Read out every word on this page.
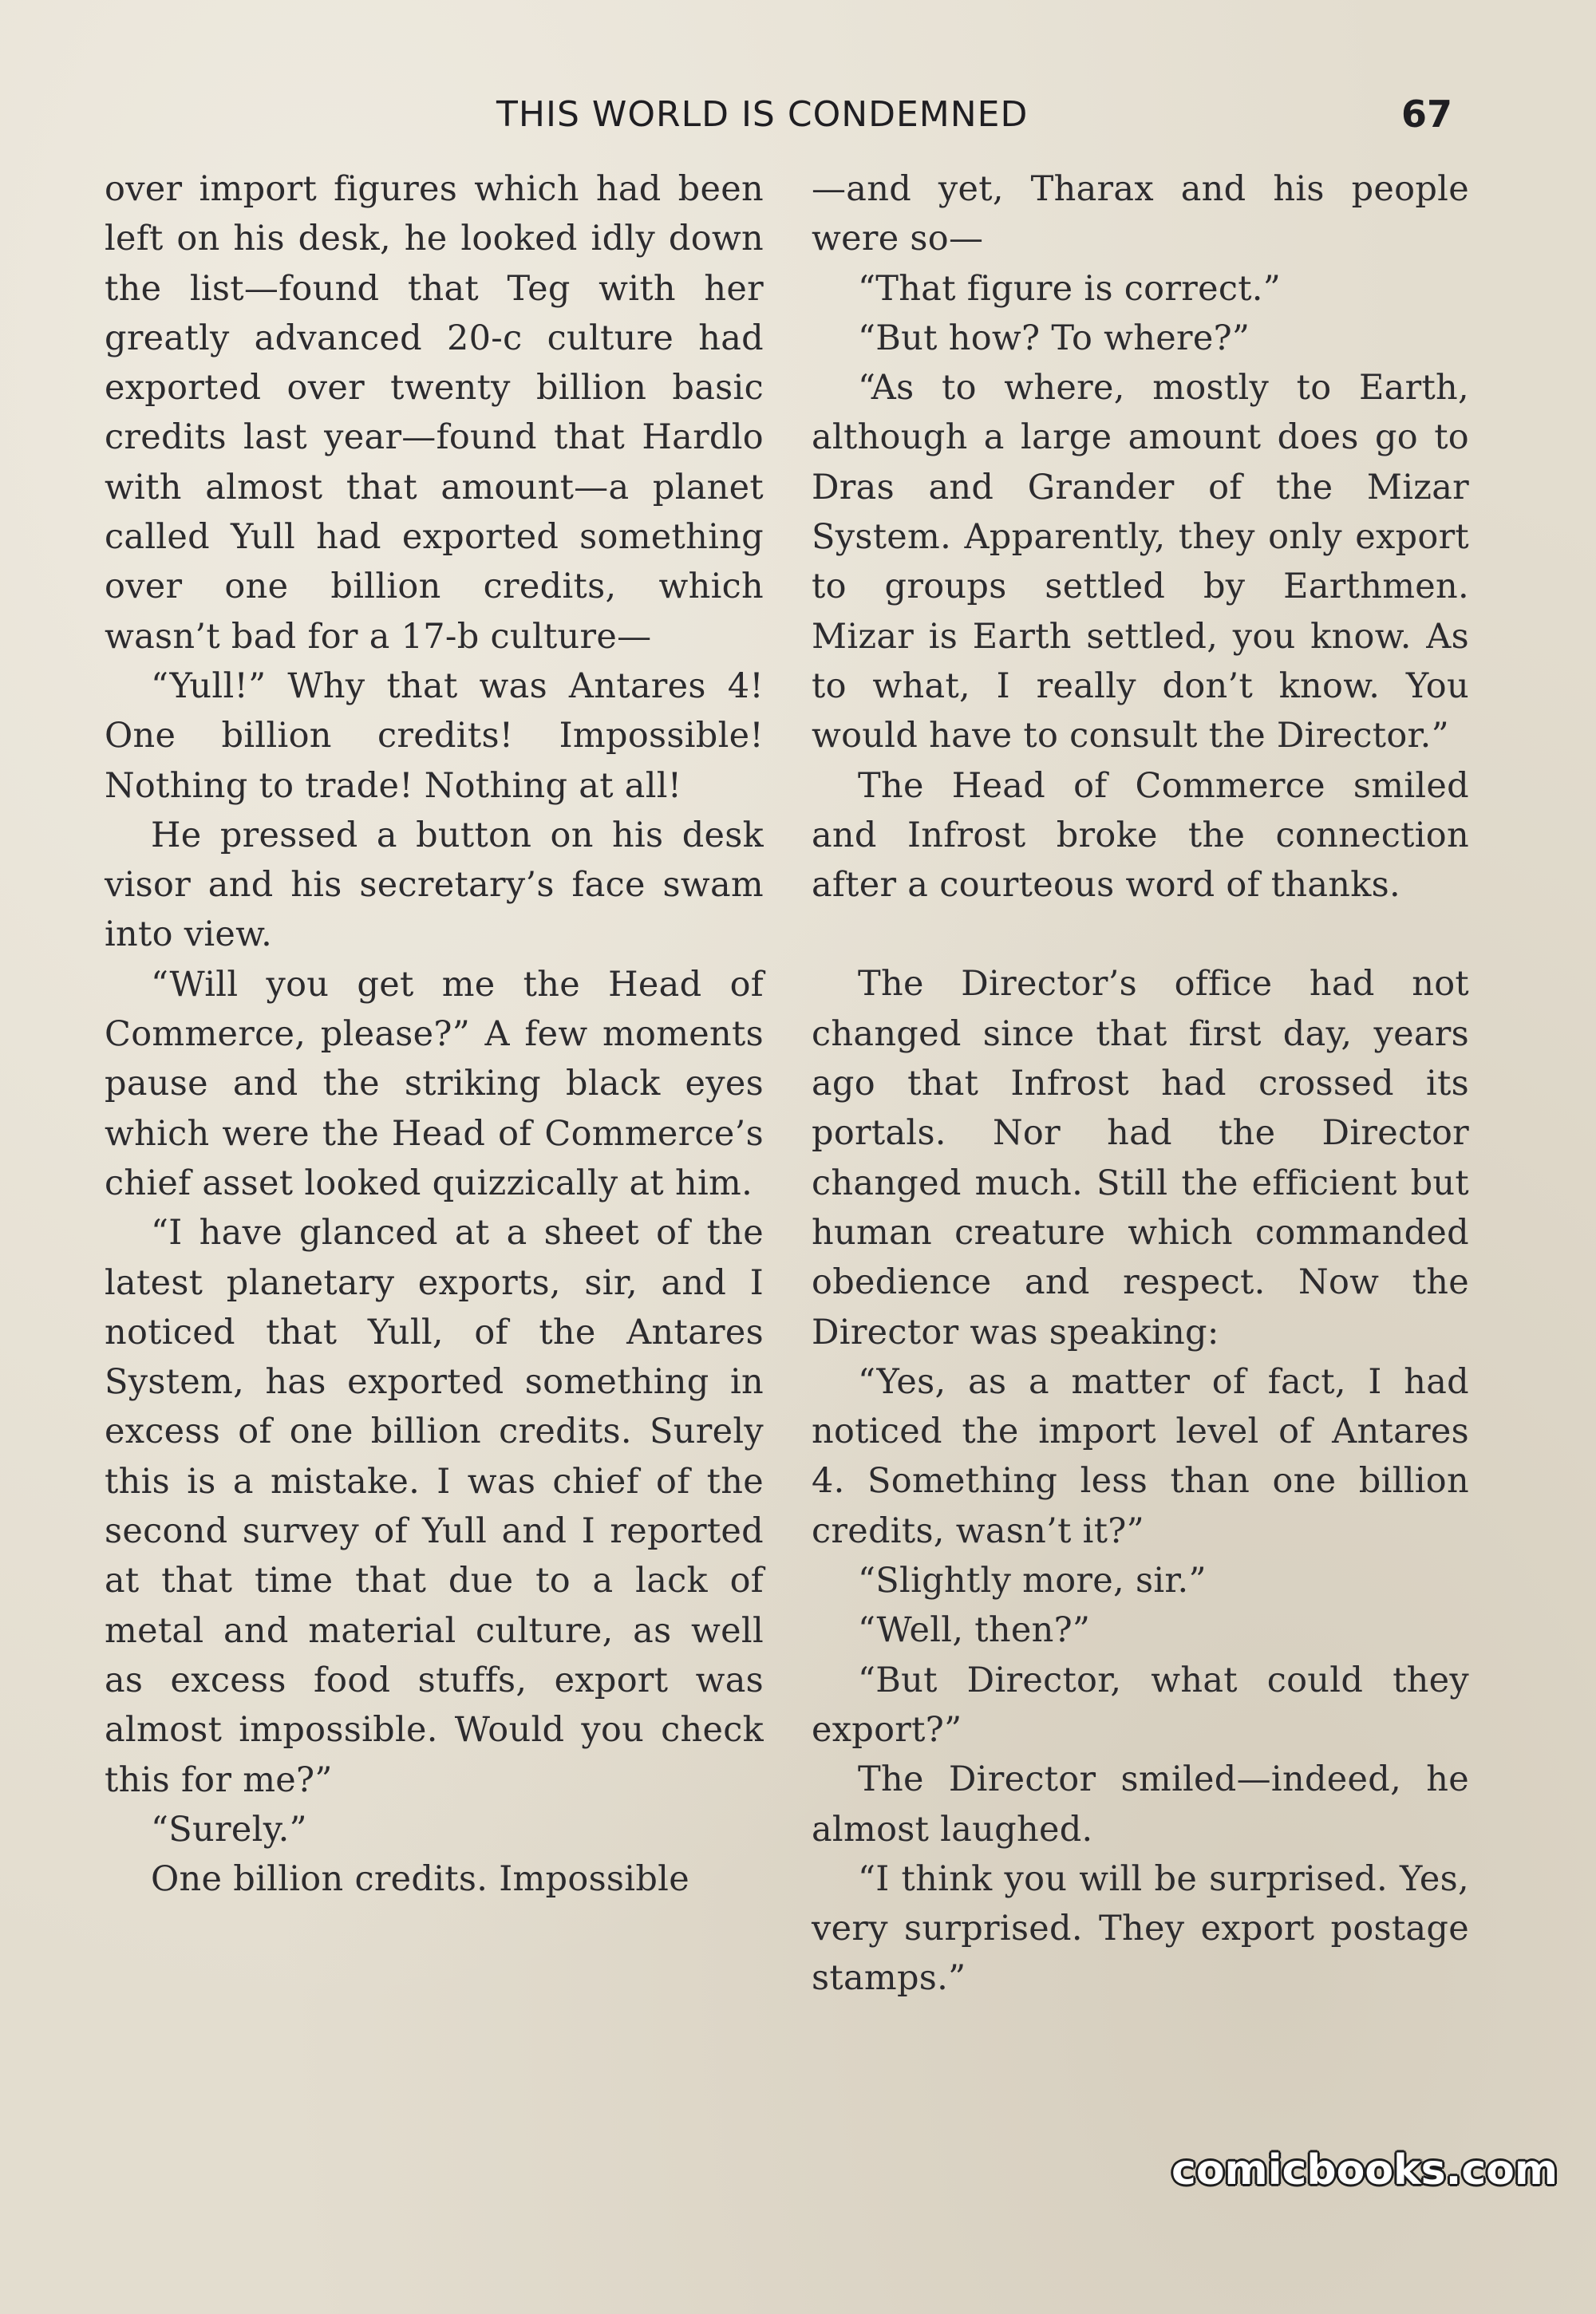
THIS WORLD IS CONDEMNED	67

over import figures which had been left on his desk, he looked idly down the list—found that Teg with her greatly advanced 20-c culture had exported over twenty billion basic credits last year—found that Hardlo with almost that amount—a planet called Yull had exported something over one billion credits, which wasn’t bad for a 17-b culture—

“Yull!” Why that was Antares 4! One billion credits! Impossible! Nothing to trade! Nothing at all!

He pressed a button on his desk visor and his secretary’s face swam into view.

“Will you get me the Head of Commerce, please?” A few moments pause and the striking black eyes which were the Head of Commerce’s chief asset looked quizzically at him.

“I have glanced at a sheet of the latest planetary exports, sir, and I noticed that Yull, of the Antares System, has exported something in excess of one billion credits. Surely this is a mistake. I was chief of the second survey of Yull and I reported at that time that due to a lack of metal and material culture, as well as excess food stuffs, export was almost impossible. Would you check this for me?”

“Surely.”

One billion credits. Impossible

—and yet, Tharax and his people were so—

“That figure is correct.”

“But how? To where?”

“As to where, mostly to Earth, although a large amount does go to Dras and Grander of the Mizar System. Apparently, they only export to groups settled by Earthmen. Mizar is Earth settled, you know. As to what, I really don’t know. You would have to consult the Director.”

The Head of Commerce smiled and Infrost broke the connection after a courteous word of thanks.

The Director’s office had not changed since that first day, years ago that Infrost had crossed its portals. Nor had the Director changed much. Still the efficient but human creature which commanded obedience and respect. Now the Director was speaking:

“Yes, as a matter of fact, I had noticed the import level of Antares 4. Something less than one billion credits, wasn’t it?”

“Slightly more, sir.”

“Well, then?”

“But Director, what could they export?”

The Director smiled—indeed, he almost laughed.

“I think you will be surprised. Yes, very surprised. They export postage stamps.”

comicbooks.com
